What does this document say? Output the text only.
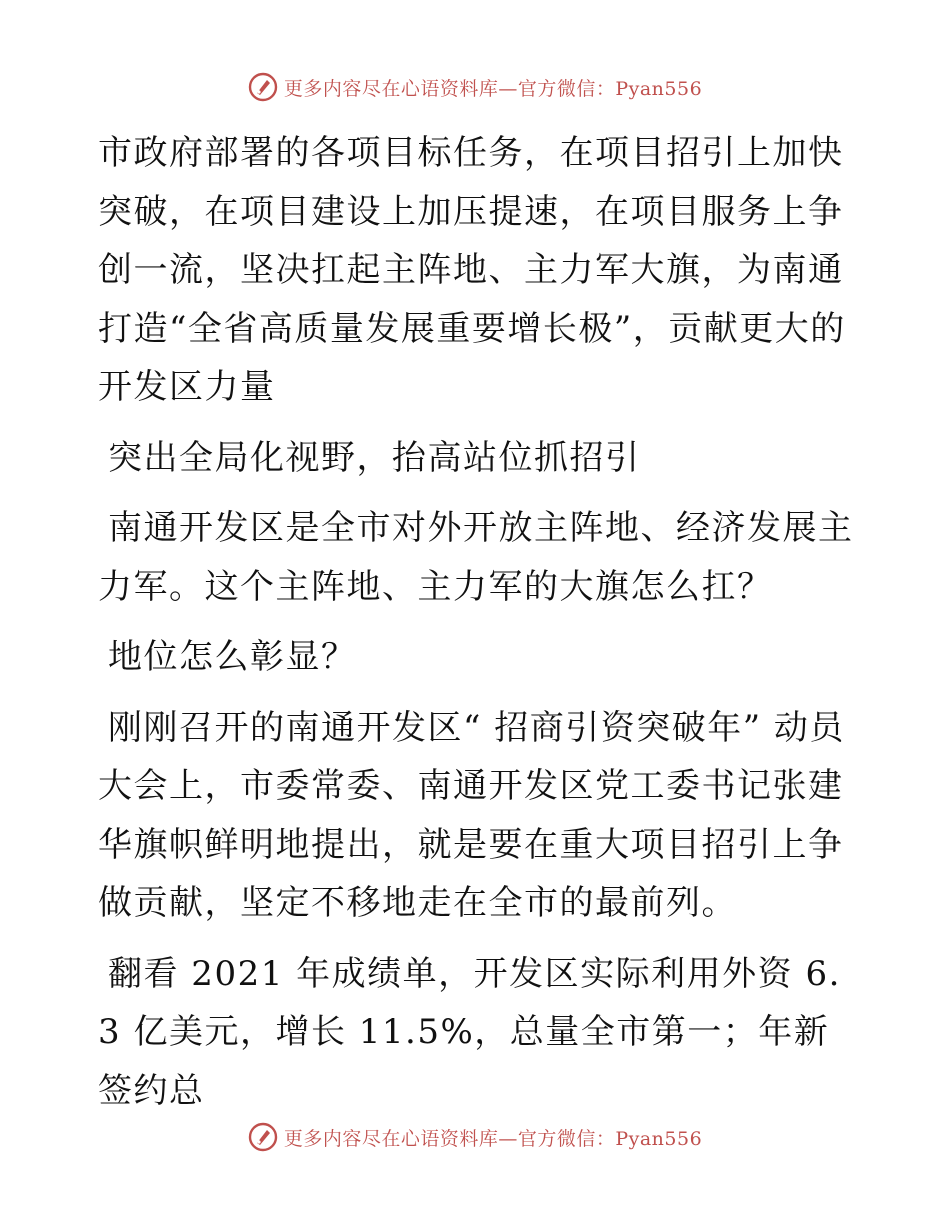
更多内容尽在心语资料库—官方微信：Pyan556

市政府部署的各项目标任务，在项目招引上加快突破，在项目建设上加压提速，在项目服务上争创一流，坚决扛起主阵地、主力军大旗，为南通打造“全省高质量发展重要增长极”，贡献更大的开发区力量

突出全局化视野，抬高站位抓招引

南通开发区是全市对外开放主阵地、经济发展主力军。这个主阵地、主力军的大旗怎么扛？

地位怎么彰显？

刚刚召开的南通开发区“ 招商引资突破年” 动员大会上，市委常委、南通开发区党工委书记张建华旗帜鲜明地提出，就是要在重大项目招引上争做贡献，坚定不移地走在全市的最前列。

翻看 2021 年成绩单，开发区实际利用外资 6.3 亿美元，增长 11.5%，总量全市第一；年新签约总

更多内容尽在心语资料库—官方微信：Pyan556
